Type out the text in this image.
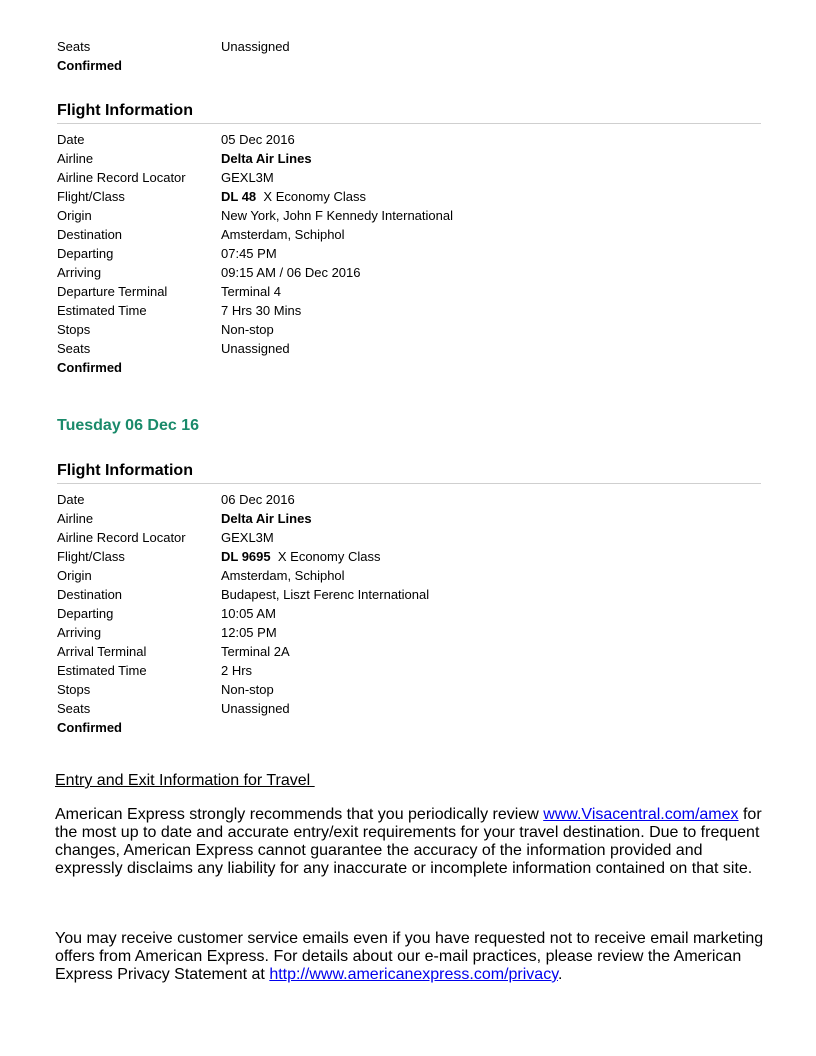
Seats	Unassigned
Confirmed
Flight Information
Date	05 Dec 2016
Airline	Delta Air Lines
Airline Record Locator	GEXL3M
Flight/Class	DL 48 X Economy Class
Origin	New York, John F Kennedy International
Destination	Amsterdam, Schiphol
Departing	07:45 PM
Arriving	09:15 AM / 06 Dec 2016
Departure Terminal	Terminal 4
Estimated Time	7 Hrs 30 Mins
Stops	Non-stop
Seats	Unassigned
Confirmed
Tuesday 06 Dec 16
Flight Information
Date	06 Dec 2016
Airline	Delta Air Lines
Airline Record Locator	GEXL3M
Flight/Class	DL 9695 X Economy Class
Origin	Amsterdam, Schiphol
Destination	Budapest, Liszt Ferenc International
Departing	10:05 AM
Arriving	12:05 PM
Arrival Terminal	Terminal 2A
Estimated Time	2 Hrs
Stops	Non-stop
Seats	Unassigned
Confirmed
Entry and Exit Information for Travel
American Express strongly recommends that you periodically review www.Visacentral.com/amex for the most up to date and accurate entry/exit requirements for your travel destination. Due to frequent changes, American Express cannot guarantee the accuracy of the information provided and expressly disclaims any liability for any inaccurate or incomplete information contained on that site.
You may receive customer service emails even if you have requested not to receive email marketing offers from American Express. For details about our e-mail practices, please review the American Express Privacy Statement at http://www.americanexpress.com/privacy.
